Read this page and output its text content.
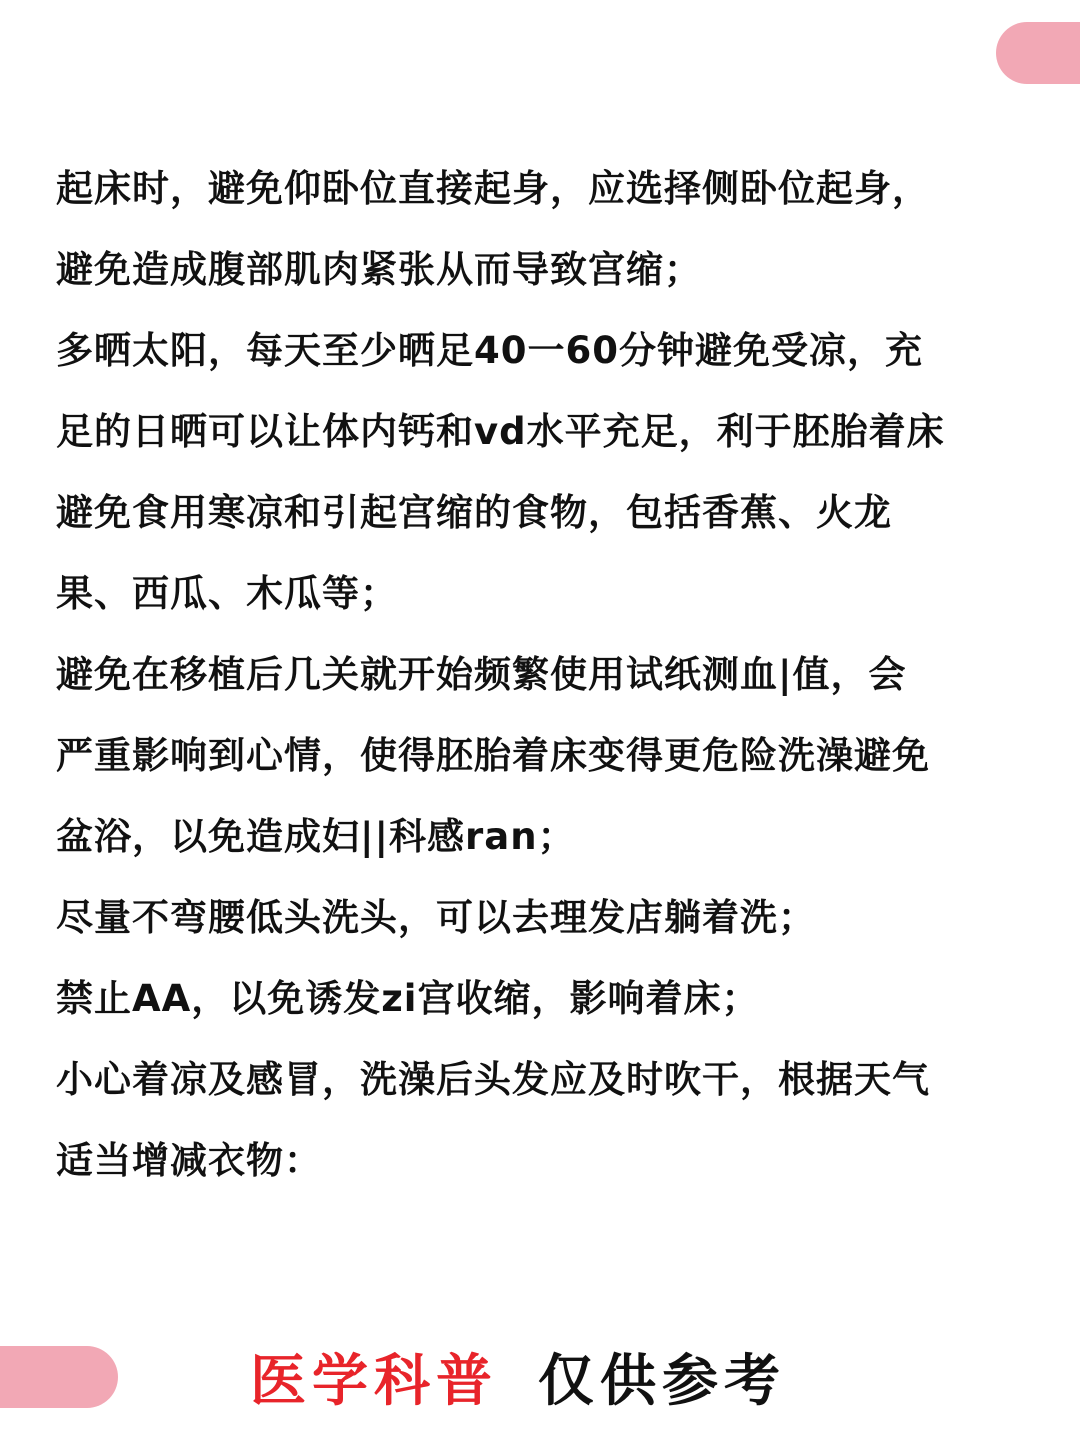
起床时，避免仰卧位直接起身，应选择侧卧位起身，
避免造成腹部肌肉紧张从而导致宫缩；
多晒太阳，每天至少晒足40一60分钟避免受凉，充
足的日晒可以让体内钙和vd水平充足，利于胚胎着床
避免食用寒凉和引起宫缩的食物，包括香蕉、火龙
果、西瓜、木瓜等；
避免在移植后几关就开始频繁使用试纸测血|值，会
严重影响到心情，使得胚胎着床变得更危险洗澡避免
盆浴，以免造成妇||科感ran；
尽量不弯腰低头洗头，可以去理发店躺着洗；
禁止AA，以免诱发zi宫收缩，影响着床；
小心着凉及感冒，洗澡后头发应及时吹干，根据天气
适当增减衣物：
医学科普 仅供参考
